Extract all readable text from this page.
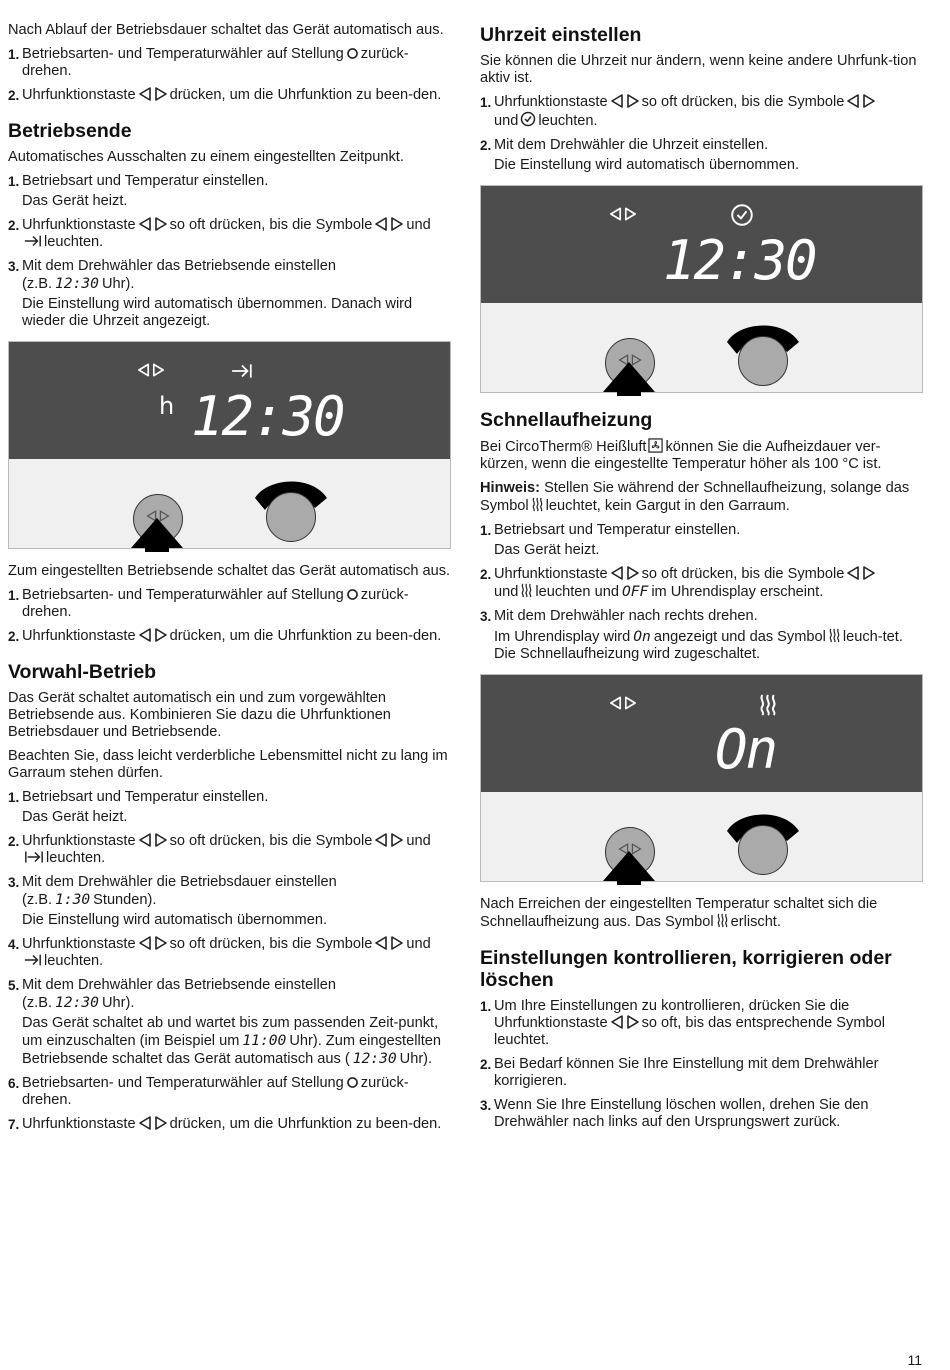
Nach Ablauf der Betriebsdauer schaltet das Gerät automatisch aus.

1. Betriebsarten- und Temperaturwähler auf Stellung zurück-drehen.
2. Uhrfunktionstaste drücken, um die Uhrfunktion zu been-den.
Betriebsende

Automatisches Ausschalten zu einem eingestellten Zeitpunkt.

1. Betriebsart und Temperatur einstellen.
Das Gerät heizt.
2. Uhrfunktionstaste so oft drücken, bis die Symbole undleuchten.
3. Mit dem Drehwähler das Betriebsende einstellen
(z.B. 12:30 Uhr).
Die Einstellung wird automatisch übernommen. Danach wird wieder die Uhrzeit angezeigt.
h 12:30

Zum eingestellten Betriebsende schaltet das Gerät automatisch aus.

1. Betriebsarten- und Temperaturwähler auf Stellung zurück-drehen.
2. Uhrfunktionstaste drücken, um die Uhrfunktion zu been-den.
Vorwahl-Betrieb

Das Gerät schaltet automatisch ein und zum vorgewählten Betriebsende aus. Kombinieren Sie dazu die Uhrfunktionen Betriebsdauer und Betriebsende.

Beachten Sie, dass leicht verderbliche Lebensmittel nicht zu lang im Garraum stehen dürfen.

1. Betriebsart und Temperatur einstellen.
Das Gerät heizt.
2. Uhrfunktionstaste so oft drücken, bis die Symbole undleuchten.
3. Mit dem Drehwähler die Betriebsdauer einstellen
(z.B. 1:30 Stunden).
Die Einstellung wird automatisch übernommen.
4. Uhrfunktionstaste so oft drücken, bis die Symbole undleuchten.
5. Mit dem Drehwähler das Betriebsende einstellen
(z.B. 12:30 Uhr).
Das Gerät schaltet ab und wartet bis zum passenden Zeit-punkt, um einzuschalten (im Beispiel um 11:00 Uhr). Zum eingestellten Betriebsende schaltet das Gerät automatisch aus ( 12:30 Uhr).
6. Betriebsarten- und Temperaturwähler auf Stellung zurück-drehen.
7. Uhrfunktionstaste drücken, um die Uhrfunktion zu been-den.
Uhrzeit einstellen

Sie können die Uhrzeit nur ändern, wenn keine andere Uhrfunk-tion aktiv ist.

1. Uhrfunktionstaste so oft drücken, bis die Symbole
und leuchten.
2. Mit dem Drehwähler die Uhrzeit einstellen.
Die Einstellung wird automatisch übernommen.
12:30
Schnellaufheizung

Bei CircoTherm® Heißluft können Sie die Aufheizdauer ver-kürzen, wenn die eingestellte Temperatur höher als 100 °C ist.

Hinweis: Stellen Sie während der Schnellaufheizung, solange das Symbol leuchtet, kein Gargut in den Garraum.

1. Betriebsart und Temperatur einstellen.
Das Gerät heizt.
2. Uhrfunktionstaste so oft drücken, bis die Symbole
und leuchten und OFF im Uhrendisplay erscheint.
3. Mit dem Drehwähler nach rechts drehen.
Im Uhrendisplay wird On angezeigt und das Symbol leuch-tet. Die Schnellaufheizung wird zugeschaltet.
On

Nach Erreichen der eingestellten Temperatur schaltet sich die Schnellaufheizung aus. Das Symbol erlischt.

Einstellungen kontrollieren, korrigieren oder löschen
1. Um Ihre Einstellungen zu kontrollieren, drücken Sie die Uhrfunktionstaste so oft, bis das entsprechende Symbol leuchtet.
2. Bei Bedarf können Sie Ihre Einstellung mit dem Drehwähler korrigieren.
3. Wenn Sie Ihre Einstellung löschen wollen, drehen Sie den Drehwähler nach links auf den Ursprungswert zurück.
11
